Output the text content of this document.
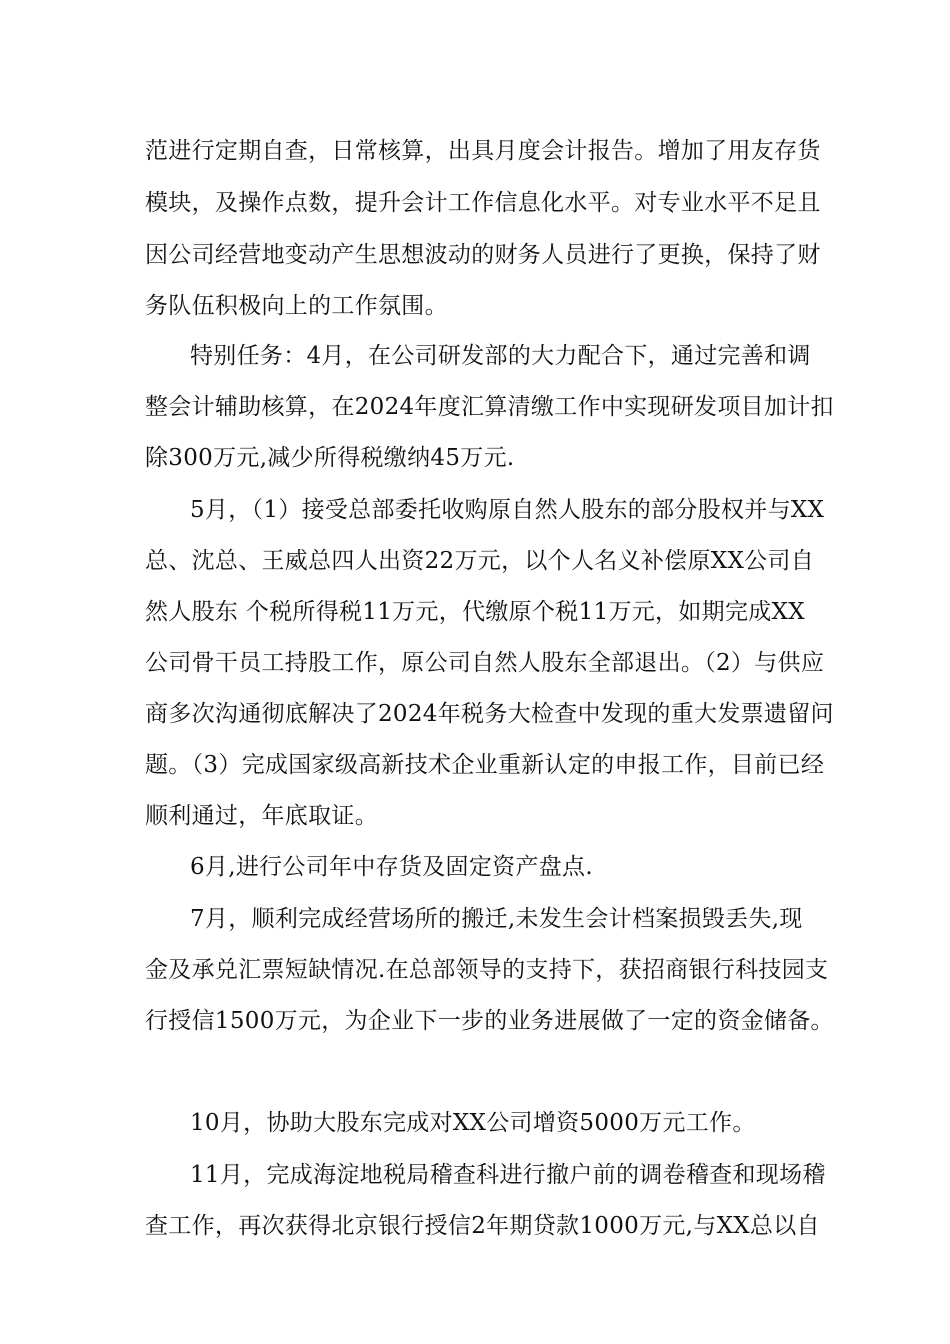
范进行定期自查，日常核算，出具月度会计报告。增加了用友存货
模块，及操作点数，提升会计工作信息化水平。对专业水平不足且
因公司经营地变动产生思想波动的财务人员进行了更换，保持了财
务队伍积极向上的工作氛围。
特别任务：4月，在公司研发部的大力配合下，通过完善和调
整会计辅助核算，在2024年度汇算清缴工作中实现研发项目加计扣
除300万元,减少所得税缴纳45万元.
5月，（1）接受总部委托收购原自然人股东的部分股权并与XX
总、沈总、王威总四人出资22万元，以个人名义补偿原XX公司自
然人股东 个税所得税11万元，代缴原个税11万元，如期完成XX
公司骨干员工持股工作，原公司自然人股东全部退出。（2）与供应
商多次沟通彻底解决了2024年税务大检查中发现的重大发票遗留问
题。（3）完成国家级高新技术企业重新认定的申报工作，目前已经
顺利通过，年底取证。
6月,进行公司年中存货及固定资产盘点.
7月，顺利完成经营场所的搬迁,未发生会计档案损毁丢失,现
金及承兑汇票短缺情况.在总部领导的支持下，获招商银行科技园支
行授信1500万元，为企业下一步的业务进展做了一定的资金储备。
10月，协助大股东完成对XX公司增资5000万元工作。
11月，完成海淀地税局稽查科进行撤户前的调卷稽查和现场稽
查工作，再次获得北京银行授信2年期贷款1000万元,与XX总以自
